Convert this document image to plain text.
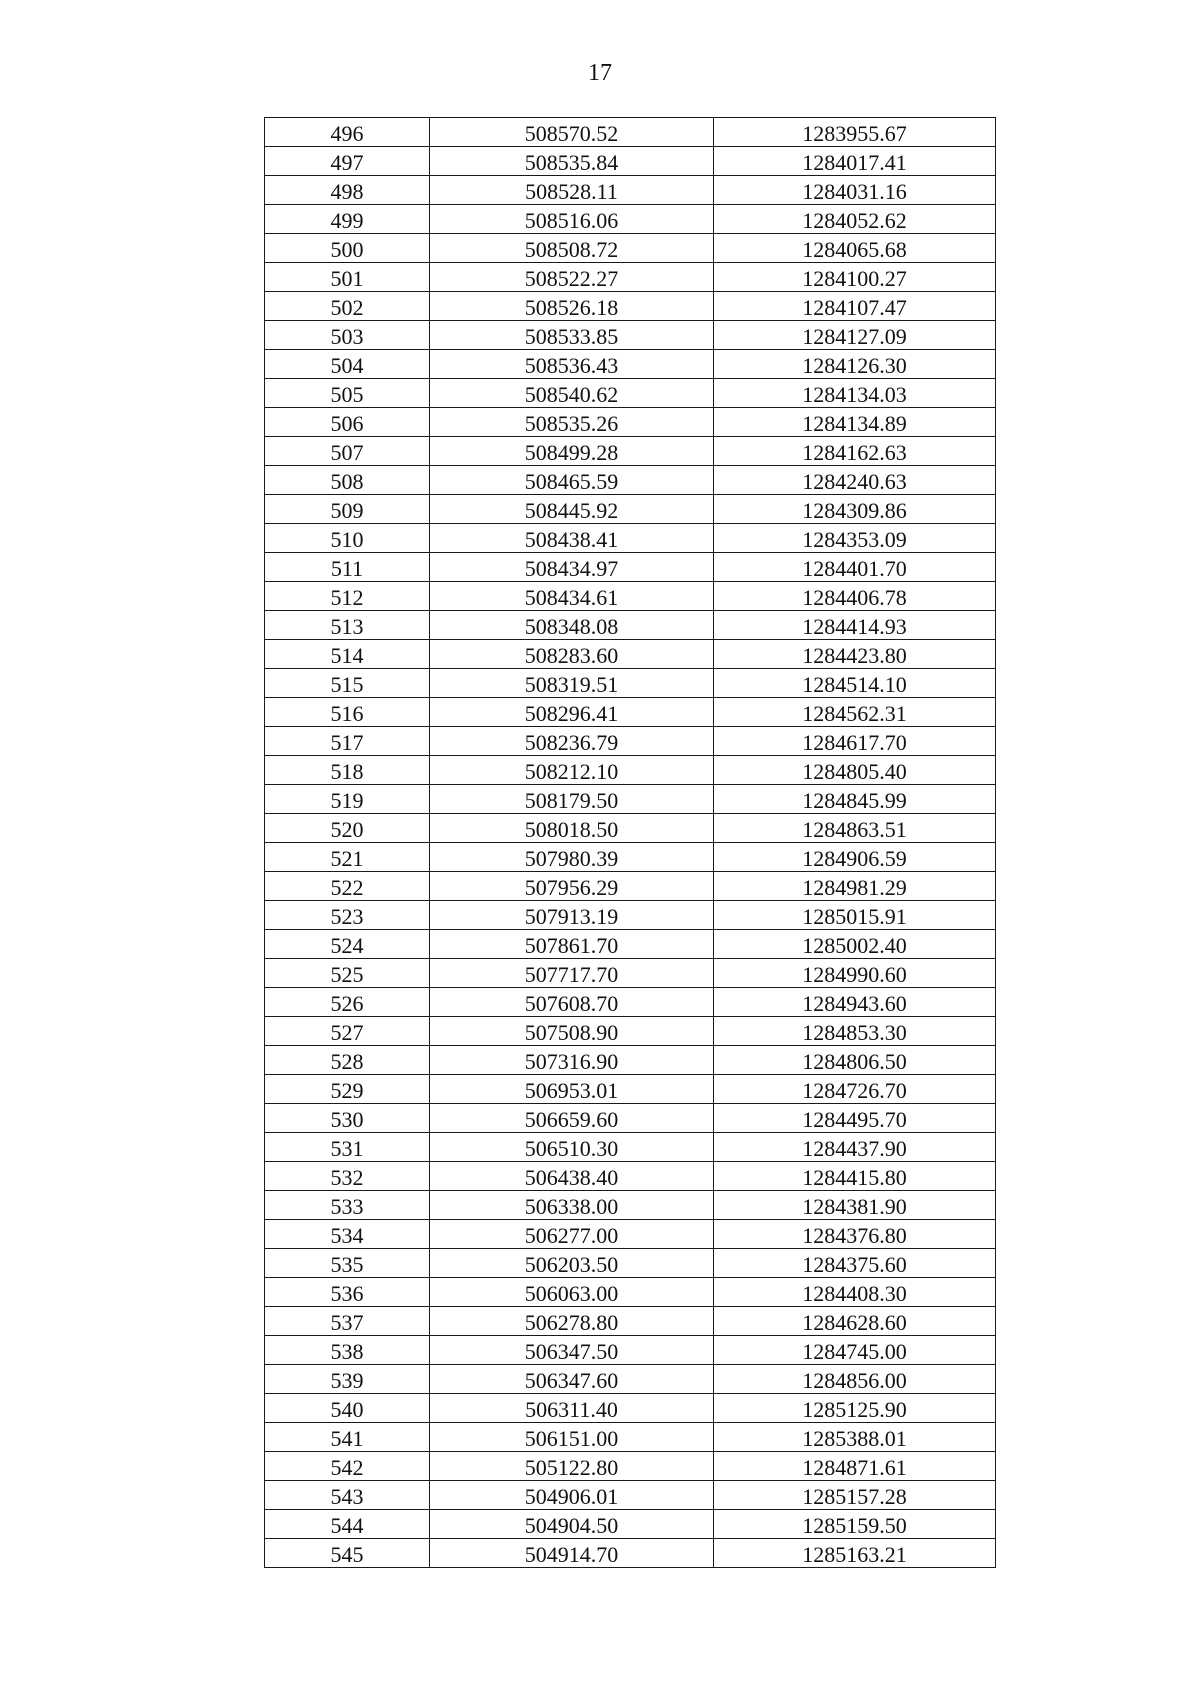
17
496	508570.52	1283955.67
497	508535.84	1284017.41
498	508528.11	1284031.16
499	508516.06	1284052.62
500	508508.72	1284065.68
501	508522.27	1284100.27
502	508526.18	1284107.47
503	508533.85	1284127.09
504	508536.43	1284126.30
505	508540.62	1284134.03
506	508535.26	1284134.89
507	508499.28	1284162.63
508	508465.59	1284240.63
509	508445.92	1284309.86
510	508438.41	1284353.09
511	508434.97	1284401.70
512	508434.61	1284406.78
513	508348.08	1284414.93
514	508283.60	1284423.80
515	508319.51	1284514.10
516	508296.41	1284562.31
517	508236.79	1284617.70
518	508212.10	1284805.40
519	508179.50	1284845.99
520	508018.50	1284863.51
521	507980.39	1284906.59
522	507956.29	1284981.29
523	507913.19	1285015.91
524	507861.70	1285002.40
525	507717.70	1284990.60
526	507608.70	1284943.60
527	507508.90	1284853.30
528	507316.90	1284806.50
529	506953.01	1284726.70
530	506659.60	1284495.70
531	506510.30	1284437.90
532	506438.40	1284415.80
533	506338.00	1284381.90
534	506277.00	1284376.80
535	506203.50	1284375.60
536	506063.00	1284408.30
537	506278.80	1284628.60
538	506347.50	1284745.00
539	506347.60	1284856.00
540	506311.40	1285125.90
541	506151.00	1285388.01
542	505122.80	1284871.61
543	504906.01	1285157.28
544	504904.50	1285159.50
545	504914.70	1285163.21
